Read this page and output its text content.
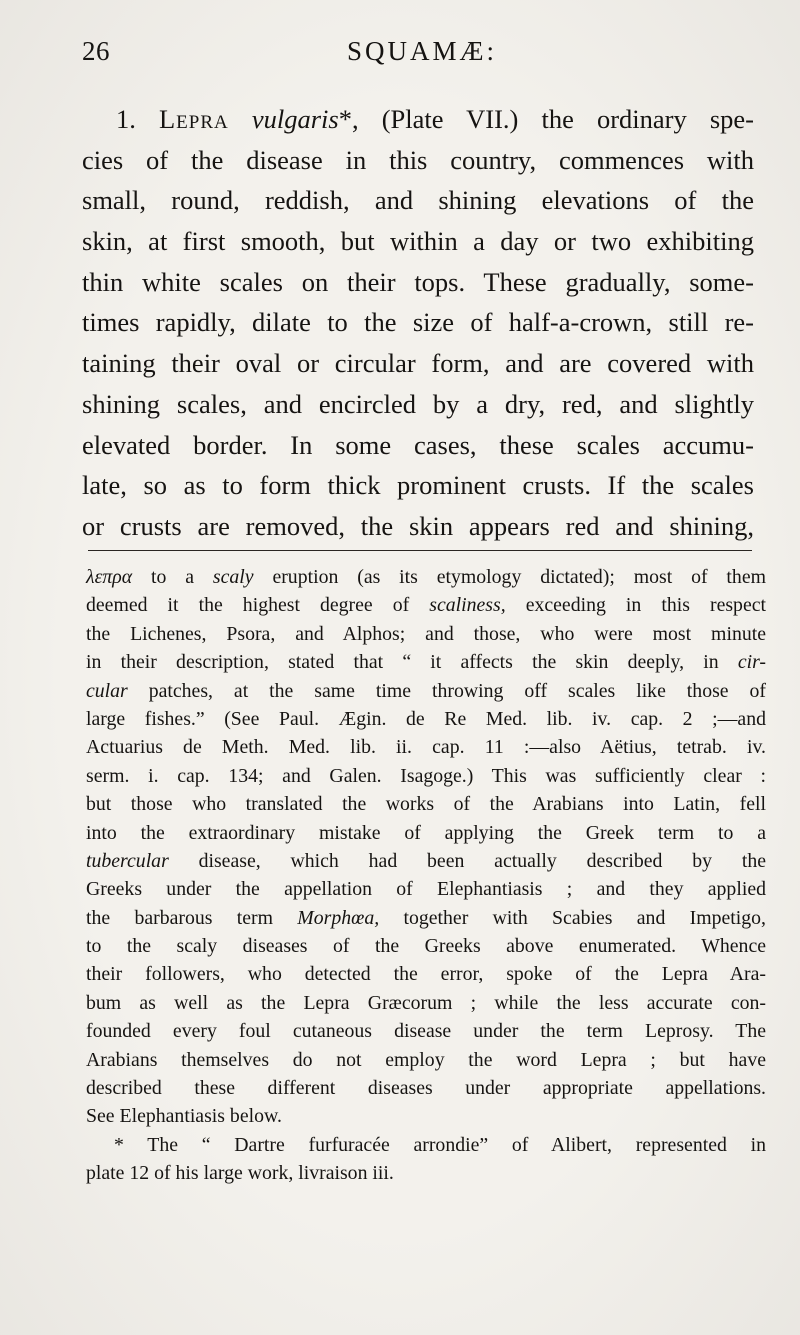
26	SQUAMÆ:
1. Lepra vulgaris*, (Plate VII.) the ordinary spe-
cies of the disease in this country, commences with
small, round, reddish, and shining elevations of the
skin, at first smooth, but within a day or two exhibiting
thin white scales on their tops. These gradually, some-
times rapidly, dilate to the size of half-a-crown, still re-
taining their oval or circular form, and are covered with
shining scales, and encircled by a dry, red, and slightly
elevated border. In some cases, these scales accumu-
late, so as to form thick prominent crusts. If the scales
or crusts are removed, the skin appears red and shining,
λεπρα to a scaly eruption (as its etymology dictated); most of them
deemed it the highest degree of scaliness, exceeding in this respect
the Lichenes, Psora, and Alphos; and those, who were most minute
in their description, stated that “ it affects the skin deeply, in cir-
cular patches, at the same time throwing off scales like those of
large fishes.” (See Paul. Ægin. de Re Med. lib. iv. cap. 2 ;—and
Actuarius de Meth. Med. lib. ii. cap. 11 :—also Aëtius, tetrab. iv.
serm. i. cap. 134; and Galen. Isagoge.) This was sufficiently clear :
but those who translated the works of the Arabians into Latin, fell
into the extraordinary mistake of applying the Greek term to a
tubercular disease, which had been actually described by the
Greeks under the appellation of Elephantiasis ; and they applied
the barbarous term Morphœa, together with Scabies and Impetigo,
to the scaly diseases of the Greeks above enumerated. Whence
their followers, who detected the error, spoke of the Lepra Ara-
bum as well as the Lepra Græcorum ; while the less accurate con-
founded every foul cutaneous disease under the term Leprosy. The
Arabians themselves do not employ the word Lepra ; but have
described these different diseases under appropriate appellations.
See Elephantiasis below.
* The “ Dartre furfuracée arrondie” of Alibert, represented in
plate 12 of his large work, livraison iii.
